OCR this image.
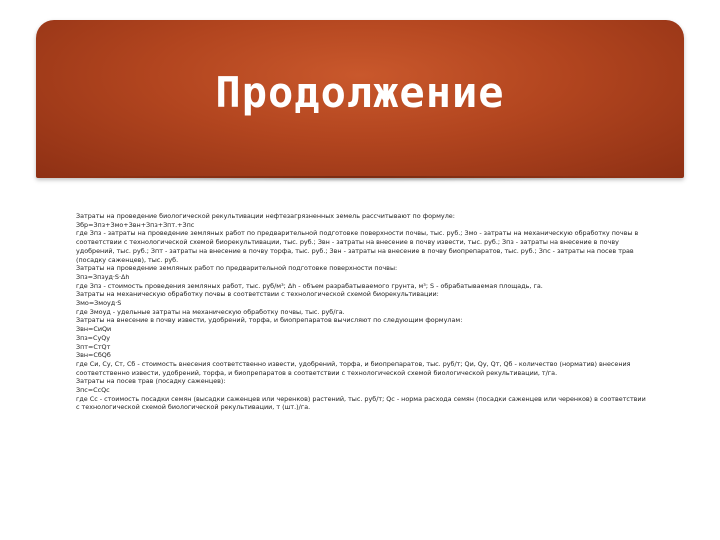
Продолжение

Затраты на проведение биологической рекультивации нефтезагрязненных земель рассчитывают по формуле:

Збр=Зпз+Змо+Звн+Зпз+Зпт.+Зпс

где Зпз - затраты на проведение земляных работ по предварительной подготовке поверхности почвы, тыс. руб.; Змо - затраты на механическую обработку почвы в соответствии с технологической схемой биорекультивации, тыс. руб.; Звн - затраты на внесение в почву извести, тыс. руб.; Зпз - затраты на внесение в почву удобрений, тыс. руб.; Зпт - затраты на внесение в почву торфа, тыс. руб.; Звн - затраты на внесение в почву биопрепаратов, тыс. руб.; Зпс - затраты на посев трав (посадку саженцев), тыс. руб.

Затраты на проведение земляных работ по предварительной подготовке поверхности почвы:

Зпз=Зпзуд·S·Δh

где Зпз - стоимость проведения земляных работ, тыс. руб/м³; Δh - объем разрабатываемого грунта, м³; S - обрабатываемая площадь, га.

Затраты на механическую обработку почвы в соответствии с технологической схемой биорекультивации:

Змо=Змоуд·S

где Змоуд - удельные затраты на механическую обработку почвы, тыс. руб/га.

Затраты на внесение в почву извести, удобрений, торфа, и биопрепаратов вычисляют по следующим формулам:

Звн=СиQи

Зпз=СуQу

Зпт=СтQт

Звн=СбQб

где Си, Су, Ст, Сб - стоимость внесения соответственно извести, удобрений, торфа, и биопрепаратов, тыс. руб/т; Qи, Qу, Qт, Qб - количество (норматив) внесения соответственно извести, удобрений, торфа, и биопрепаратов в соответствии с технологической схемой биологической рекультивации, т/га.

Затраты на посев трав (посадку саженцев):

Зпс=СсQс

где Сс - стоимость посадки семян (высадки саженцев или черенков) растений, тыс. руб/т; Qс - норма расхода семян (посадки саженцев или черенков) в соответствии с технологической схемой биологической рекультивации, т (шт.)/га.
